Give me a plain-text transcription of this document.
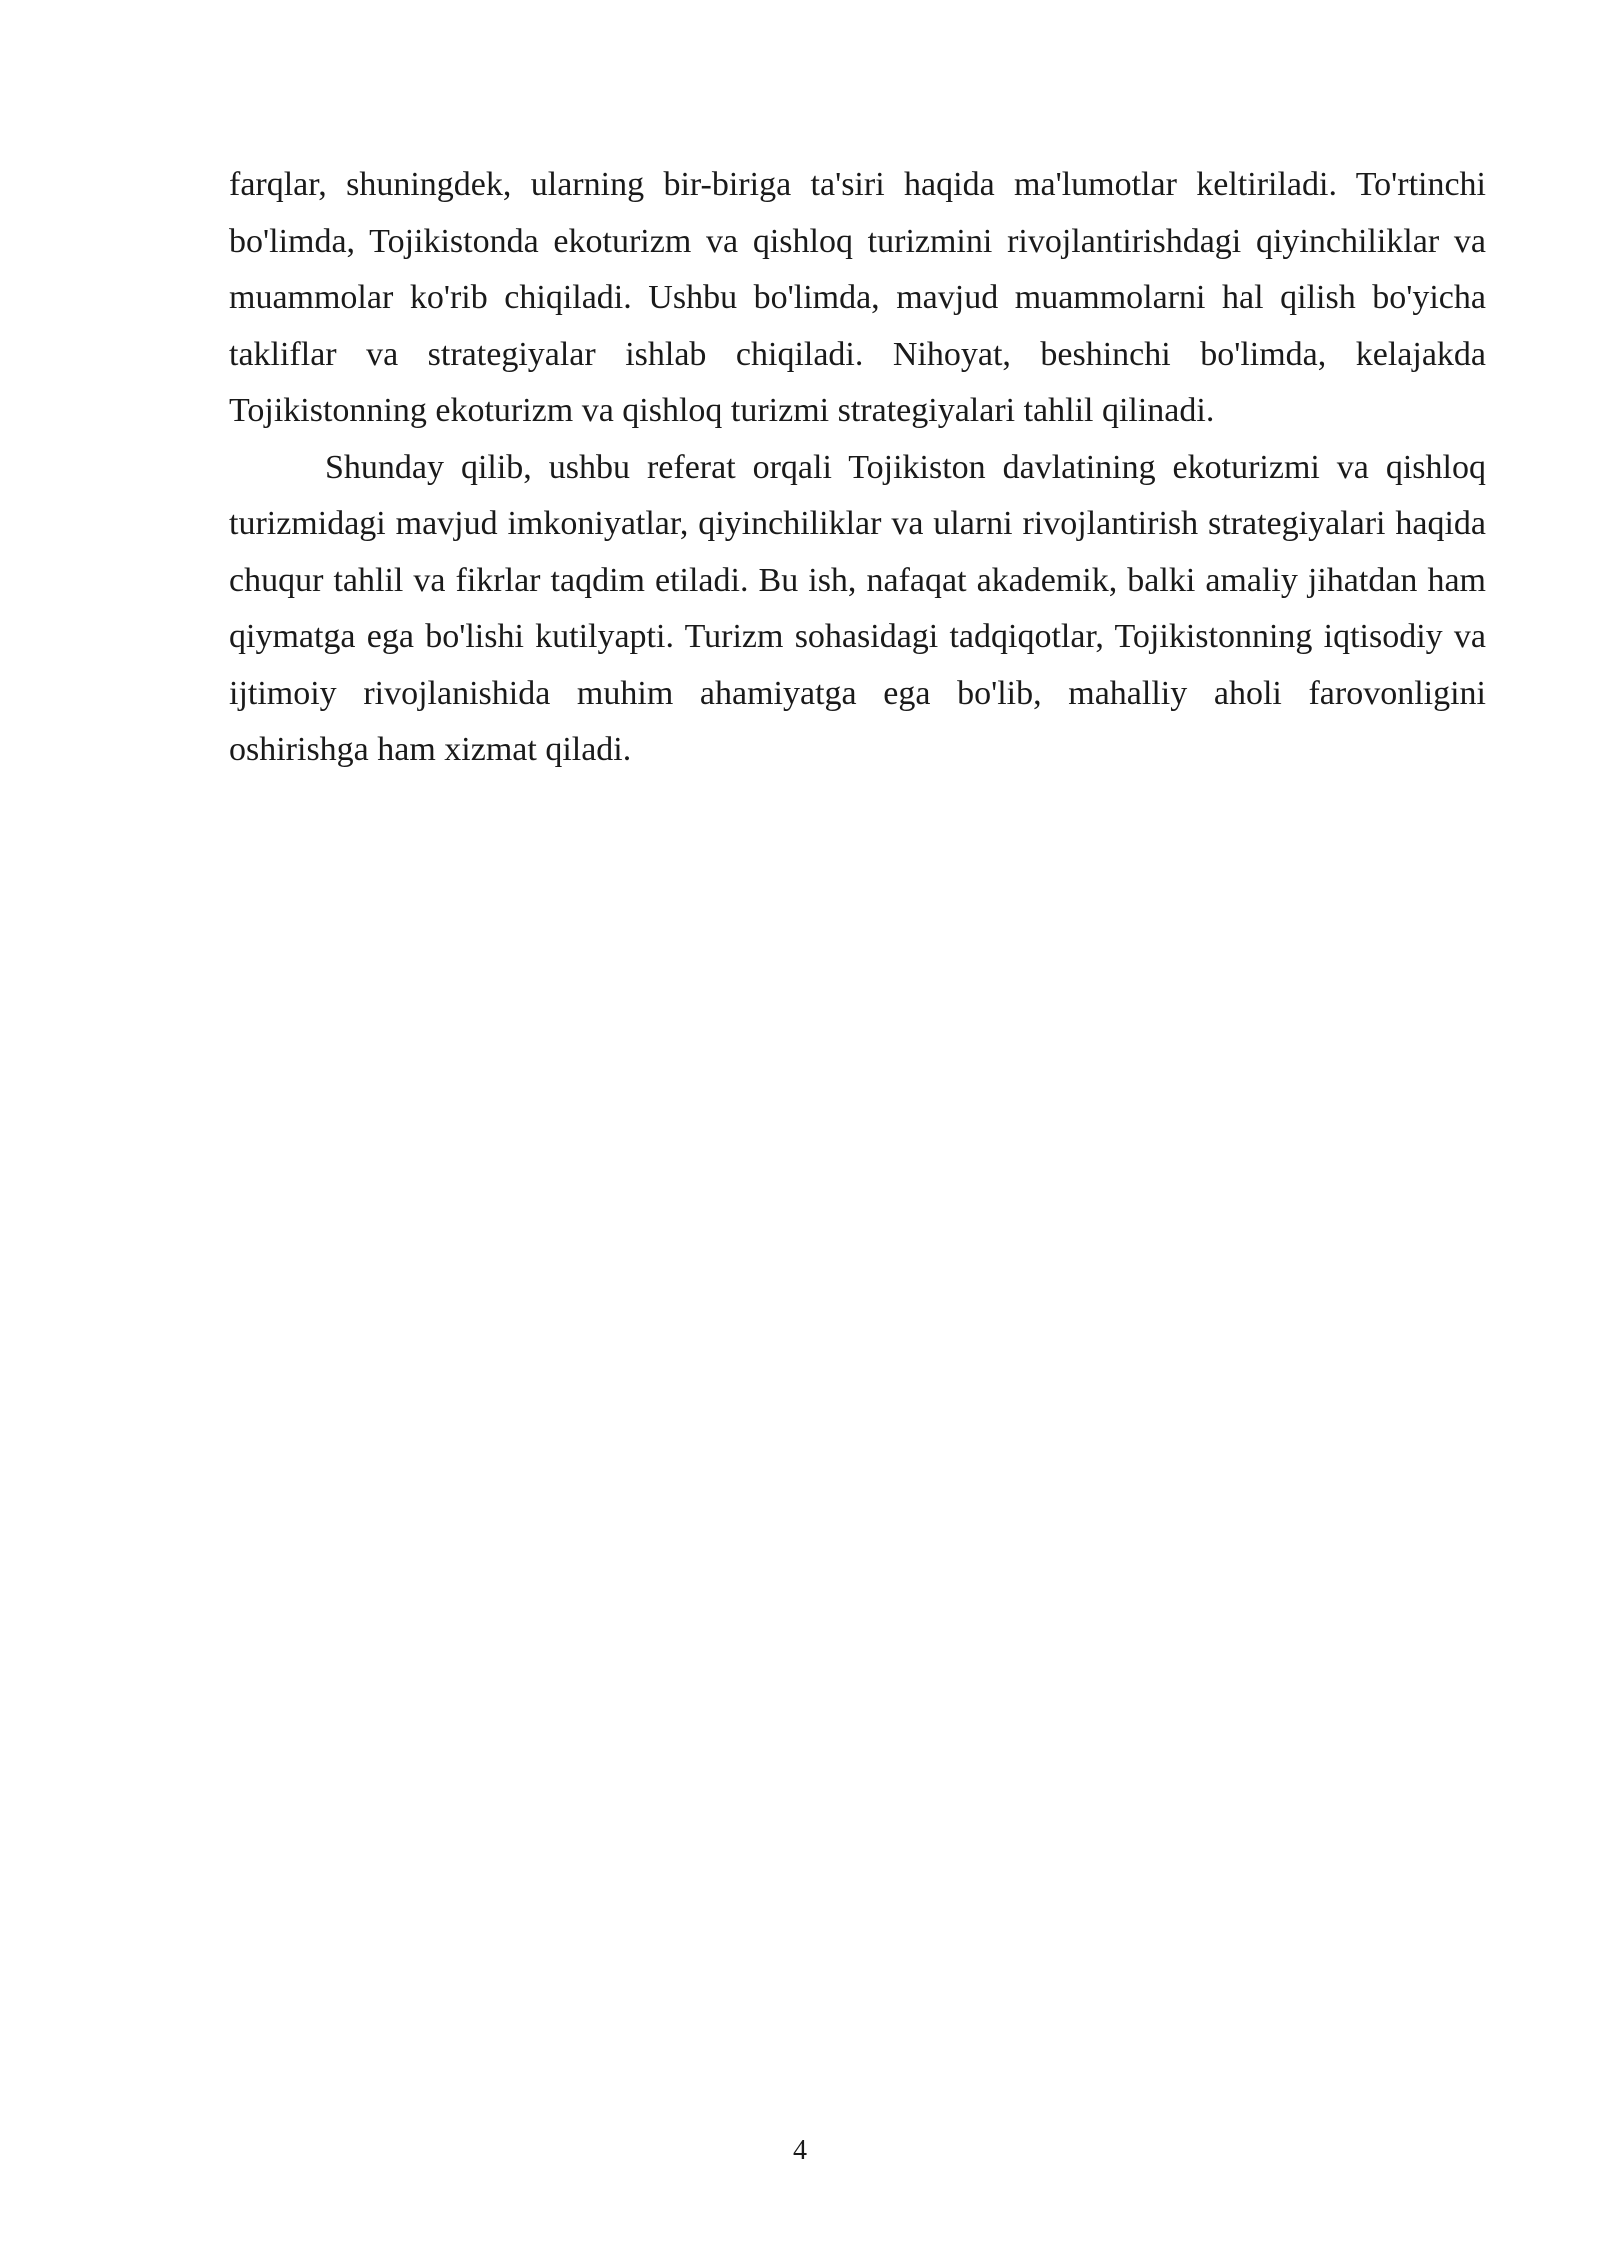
farqlar, shuningdek, ularning bir-biriga ta'siri haqida ma'lumotlar keltiriladi. To'rtinchi bo'limda, Tojikistonda ekoturizm va qishloq turizmini rivojlantirishdagi qiyinchiliklar va muammolar ko'rib chiqiladi. Ushbu bo'limda, mavjud muammolarni hal qilish bo'yicha takliflar va strategiyalar ishlab chiqiladi. Nihoyat, beshinchi bo'limda, kelajakda Tojikistonning ekoturizm va qishloq turizmi strategiyalari tahlil qilinadi.

Shunday qilib, ushbu referat orqali Tojikiston davlatining ekoturizmi va qishloq turizmidagi mavjud imkoniyatlar, qiyinchiliklar va ularni rivojlantirish strategiyalari haqida chuqur tahlil va fikrlar taqdim etiladi. Bu ish, nafaqat akademik, balki amaliy jihatdan ham qiymatga ega bo'lishi kutilyapti. Turizm sohasidagi tadqiqotlar, Tojikistonning iqtisodiy va ijtimoiy rivojlanishida muhim ahamiyatga ega bo'lib, mahalliy aholi farovonligini oshirishga ham xizmat qiladi.

4
